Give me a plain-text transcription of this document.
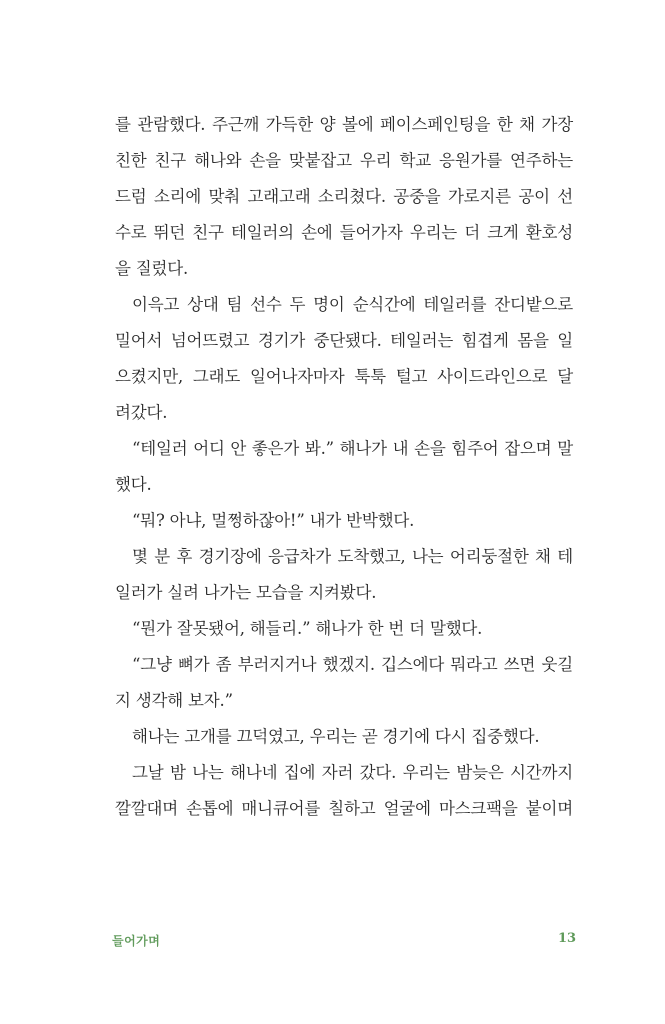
를 관람했다. 주근깨 가득한 양 볼에 페이스페인팅을 한 채 가장
친한 친구 해나와 손을 맞붙잡고 우리 학교 응원가를 연주하는
드럼 소리에 맞춰 고래고래 소리쳤다. 공중을 가로지른 공이 선
수로 뛰던 친구 테일러의 손에 들어가자 우리는 더 크게 환호성
을 질렀다.
이윽고 상대 팀 선수 두 명이 순식간에 테일러를 잔디밭으로
밀어서 넘어뜨렸고 경기가 중단됐다. 테일러는 힘겹게 몸을 일
으켰지만, 그래도 일어나자마자 툭툭 털고 사이드라인으로 달
려갔다.
“테일러 어디 안 좋은가 봐.” 해나가 내 손을 힘주어 잡으며 말
했다.
“뭐? 아냐, 멀쩡하잖아!” 내가 반박했다.
몇 분 후 경기장에 응급차가 도착했고, 나는 어리둥절한 채 테
일러가 실려 나가는 모습을 지켜봤다.
“뭔가 잘못됐어, 해들리.” 해나가 한 번 더 말했다.
“그냥 뼈가 좀 부러지거나 했겠지. 깁스에다 뭐라고 쓰면 웃길
지 생각해 보자.”
해나는 고개를 끄덕였고, 우리는 곧 경기에 다시 집중했다.
그날 밤 나는 해나네 집에 자러 갔다. 우리는 밤늦은 시간까지
깔깔대며 손톱에 매니큐어를 칠하고 얼굴에 마스크팩을 붙이며
들어가며	13
